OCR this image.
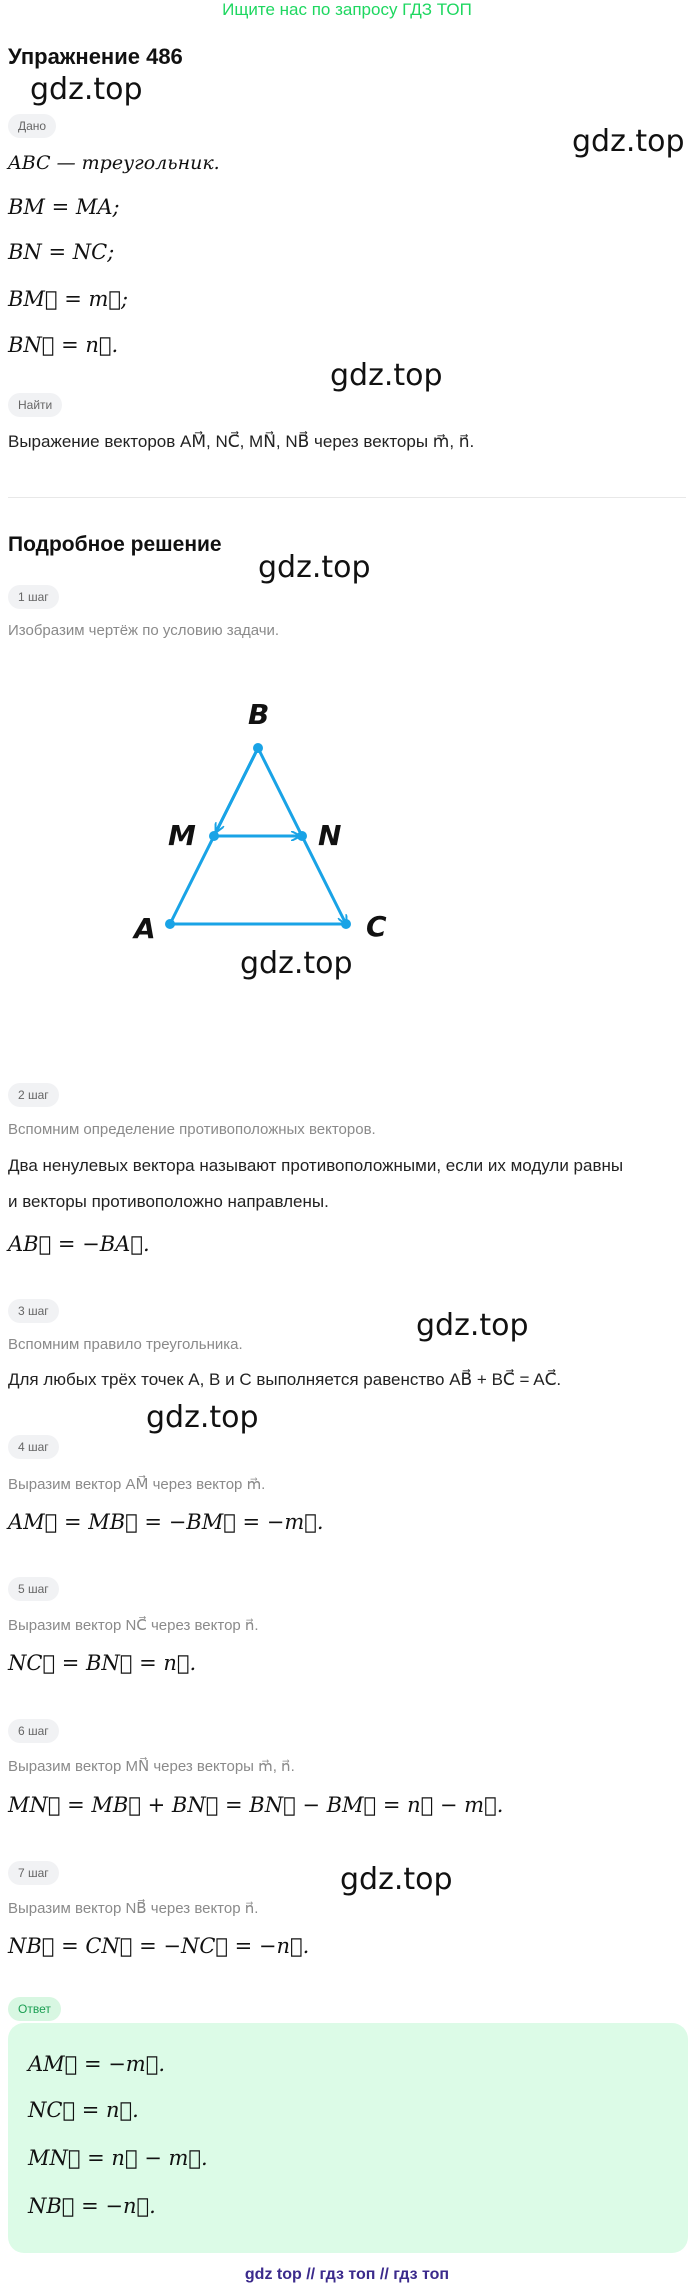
Ищите нас по запросу ГДЗ ТОП
Упражнение 486
gdz.top
gdz.top
gdz.top
gdz.top
gdz.top
gdz.top
gdz.top
gdz.top
Дано
ABC — треугольник.
BM = MA;
BN = NC;
BM⃗ = m⃗;
BN⃗ = n⃗.
Найти
Выражение векторов AM⃗, NC⃗, MN⃗, NB⃗ через векторы m⃗, n⃗.
Подробное решение
1 шаг
Изобразим чертёж по условию задачи.
B
M	N
A	C
2 шаг
Вспомним определение противоположных векторов.
Два ненулевых вектора называют противоположными, если их модули равны
и векторы противоположно направлены.
AB⃗ = −BA⃗.
3 шаг
Вспомним правило треугольника.
Для любых трёх точек A, B и C выполняется равенство AB⃗ + BC⃗ = AC⃗.
4 шаг
Выразим вектор AM⃗ через вектор m⃗.
AM⃗ = MB⃗ = −BM⃗ = −m⃗.
5 шаг
Выразим вектор NC⃗ через вектор n⃗.
NC⃗ = BN⃗ = n⃗.
6 шаг
Выразим вектор MN⃗ через векторы m⃗, n⃗.
MN⃗ = MB⃗ + BN⃗ = BN⃗ − BM⃗ = n⃗ − m⃗.
7 шаг
Выразим вектор NB⃗ через вектор n⃗.
NB⃗ = CN⃗ = −NC⃗ = −n⃗.
Ответ
AM⃗ = −m⃗.
NC⃗ = n⃗.
MN⃗ = n⃗ − m⃗.
NB⃗ = −n⃗.
gdz top // гдз топ // гдз топ
